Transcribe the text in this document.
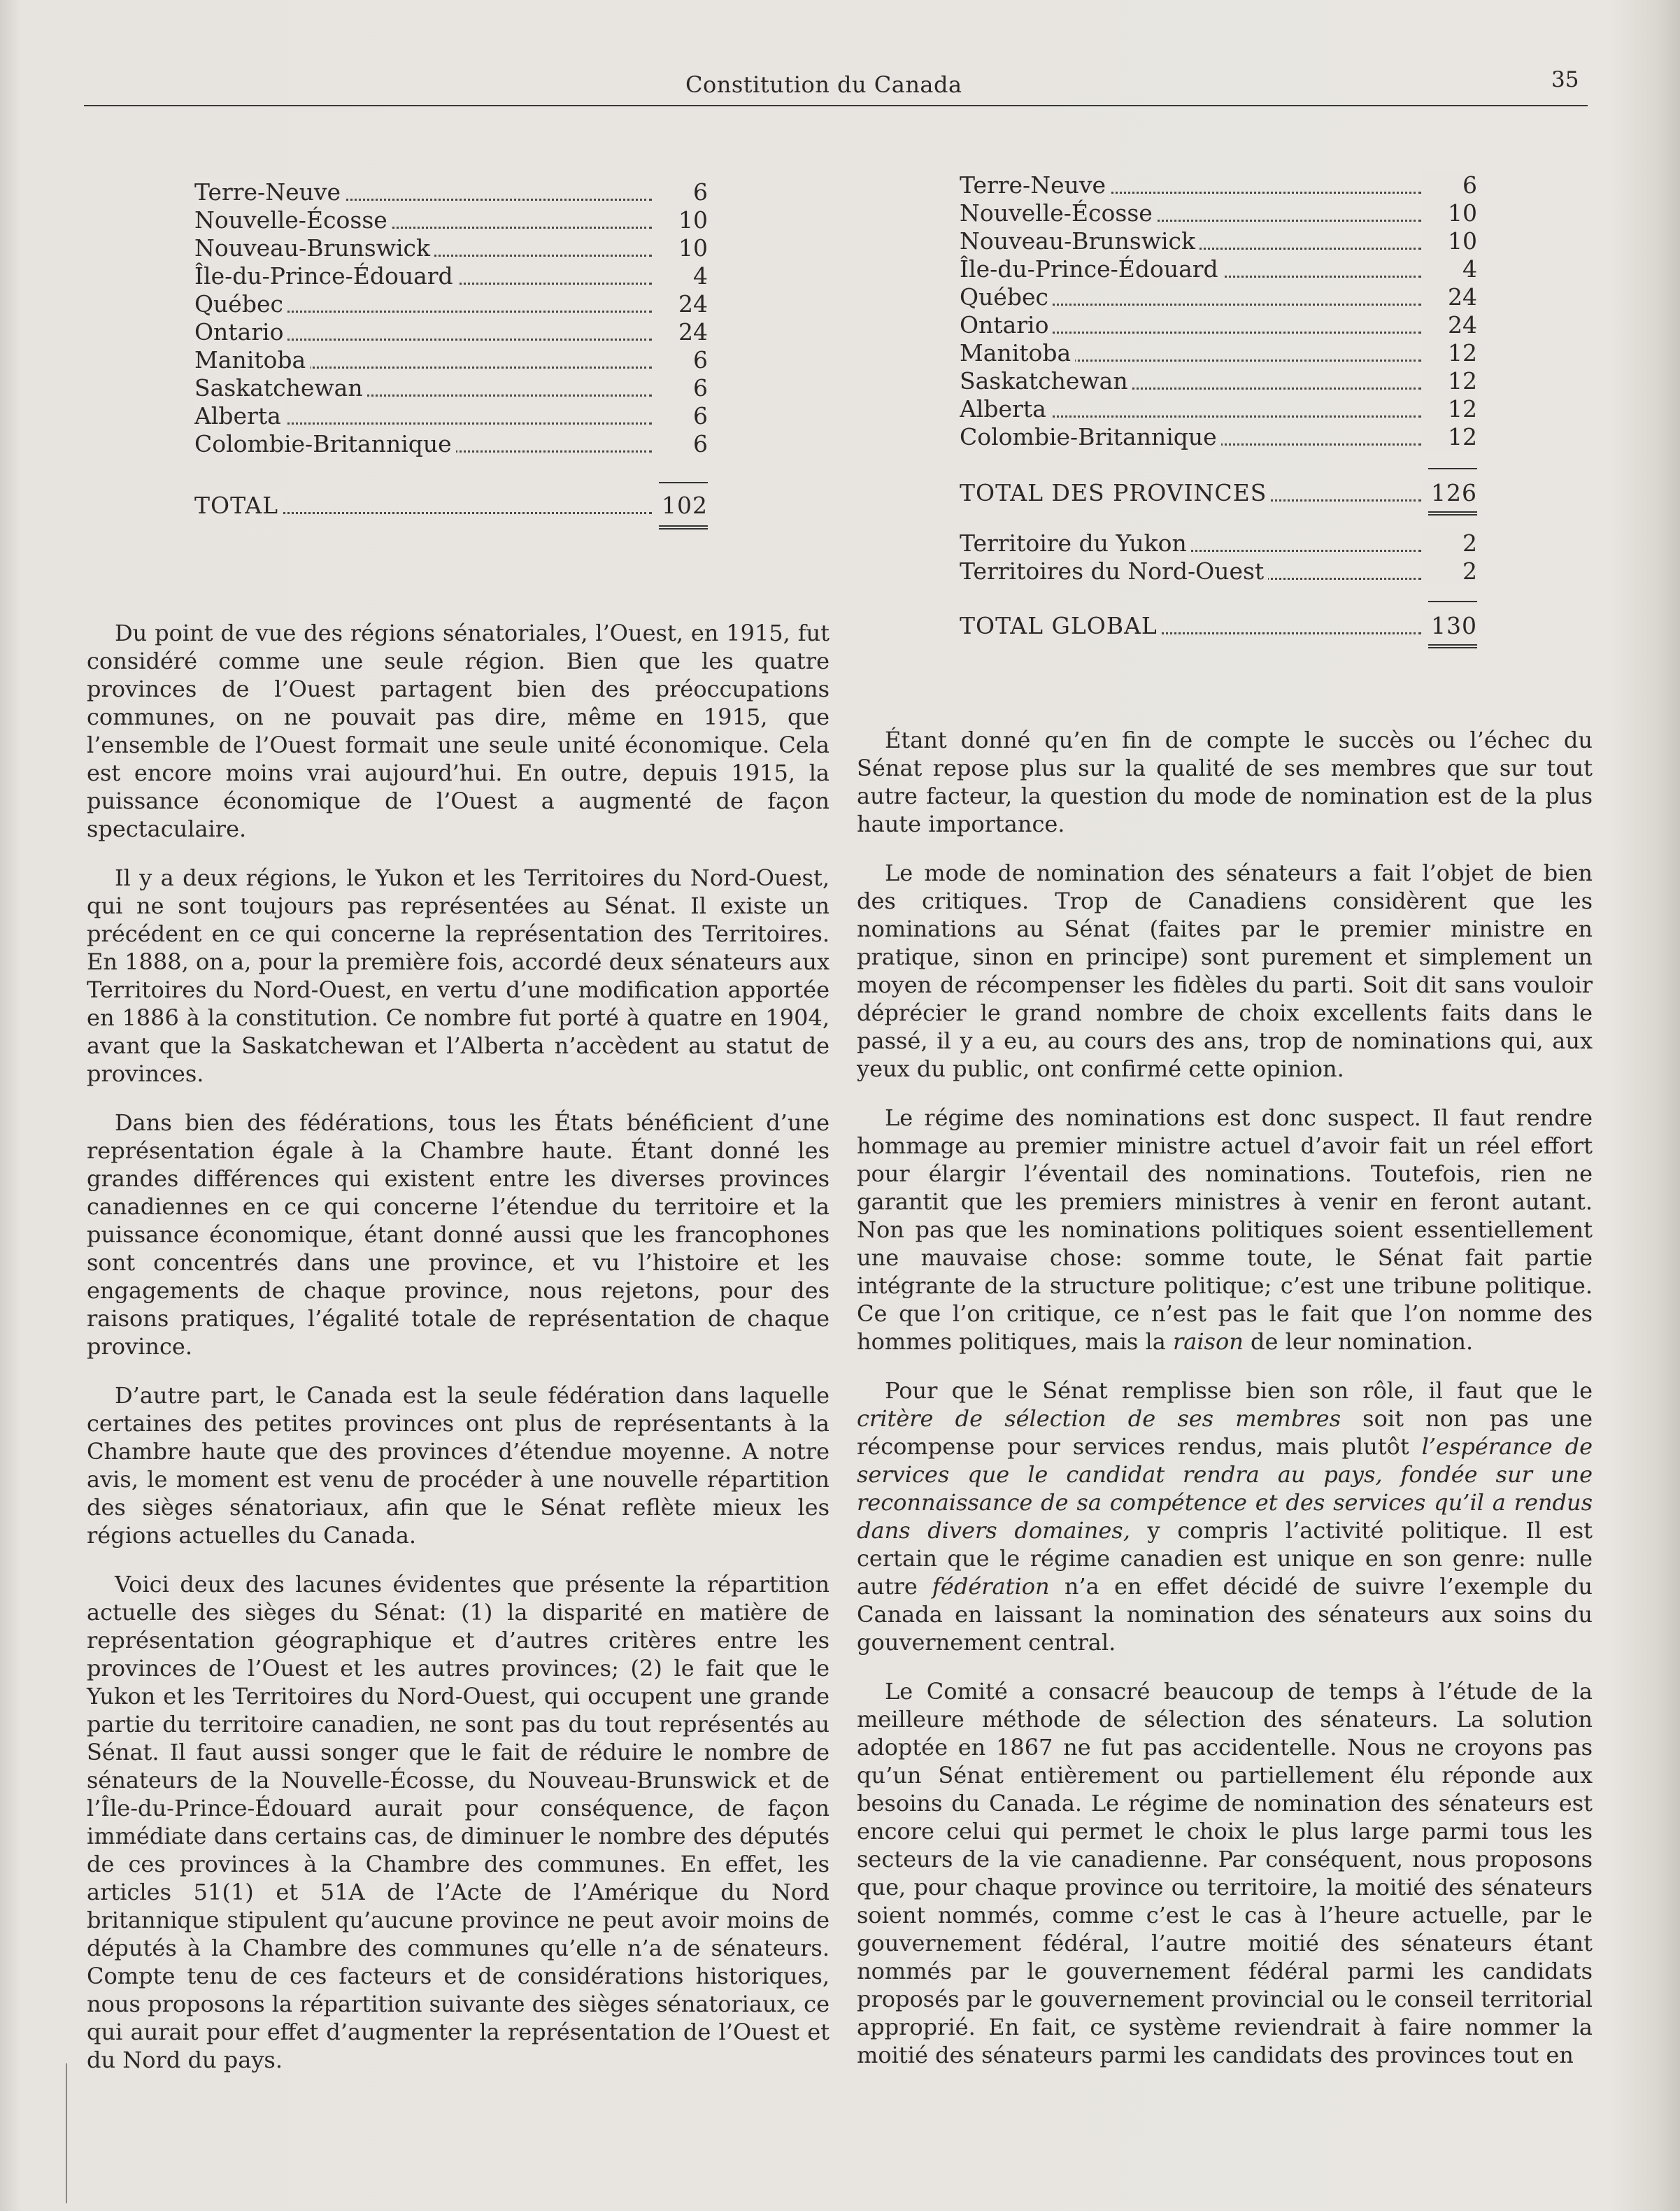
Constitution du Canada	35
Terre-Neuve	6
Nouvelle-Écosse	10
Nouveau-Brunswick	10
Île-du-Prince-Édouard	4
Québec	24
Ontario	24
Manitoba	6
Saskatchewan	6
Alberta	6
Colombie-Britannique	6
TOTAL	102
Terre-Neuve	6
Nouvelle-Écosse	10
Nouveau-Brunswick	10
Île-du-Prince-Édouard	4
Québec	24
Ontario	24
Manitoba	12
Saskatchewan	12
Alberta	12
Colombie-Britannique	12
TOTAL DES PROVINCES	126
Territoire du Yukon	2
Territoires du Nord-Ouest	2
TOTAL GLOBAL	130

Du point de vue des régions sénatoriales, l’Ouest, en 1915, fut considéré comme une seule région. Bien que les quatre provinces de l’Ouest partagent bien des préoccupations communes, on ne pouvait pas dire, même en 1915, que l’ensemble de l’Ouest formait une seule unité économique. Cela est encore moins vrai aujourd’hui. En outre, depuis 1915, la puissance économique de l’Ouest a augmenté de façon spectaculaire.

Il y a deux régions, le Yukon et les Territoires du Nord-Ouest, qui ne sont toujours pas représentées au Sénat. Il existe un précédent en ce qui concerne la représentation des Territoires. En 1888, on a, pour la première fois, accordé deux sénateurs aux Territoires du Nord-Ouest, en vertu d’une modification apportée en 1886 à la constitution. Ce nombre fut porté à quatre en 1904, avant que la Saskatchewan et l’Alberta n’accèdent au statut de provinces.

Dans bien des fédérations, tous les États bénéficient d’une représentation égale à la Chambre haute. Étant donné les grandes différences qui existent entre les diverses provinces canadiennes en ce qui concerne l’étendue du territoire et la puissance économique, étant donné aussi que les francophones sont concentrés dans une province, et vu l’histoire et les engagements de chaque province, nous rejetons, pour des raisons pratiques, l’égalité totale de représentation de chaque province.

D’autre part, le Canada est la seule fédération dans laquelle certaines des petites provinces ont plus de représentants à la Chambre haute que des provinces d’étendue moyenne. A notre avis, le moment est venu de procéder à une nouvelle répartition des sièges sénatoriaux, afin que le Sénat reflète mieux les régions actuelles du Canada.

Voici deux des lacunes évidentes que présente la répartition actuelle des sièges du Sénat: (1) la disparité en matière de représentation géographique et d’autres critères entre les provinces de l’Ouest et les autres provinces; (2) le fait que le Yukon et les Territoires du Nord-Ouest, qui occupent une grande partie du territoire canadien, ne sont pas du tout représentés au Sénat. Il faut aussi songer que le fait de réduire le nombre de sénateurs de la Nouvelle-Écosse, du Nouveau-Brunswick et de l’Île-du-Prince-Édouard aurait pour conséquence, de façon immédiate dans certains cas, de diminuer le nombre des députés de ces provinces à la Chambre des communes. En effet, les articles 51(1) et 51A de l’Acte de l’Amérique du Nord britannique stipulent qu’aucune province ne peut avoir moins de députés à la Chambre des communes qu’elle n’a de sénateurs. Compte tenu de ces facteurs et de considérations historiques, nous proposons la répartition suivante des sièges sénatoriaux, ce qui aurait pour effet d’augmenter la représentation de l’Ouest et du Nord du pays.

Étant donné qu’en fin de compte le succès ou l’échec du Sénat repose plus sur la qualité de ses membres que sur tout autre facteur, la question du mode de nomination est de la plus haute importance.

Le mode de nomination des sénateurs a fait l’objet de bien des critiques. Trop de Canadiens considèrent que les nominations au Sénat (faites par le premier ministre en pratique, sinon en principe) sont purement et simplement un moyen de récompenser les fidèles du parti. Soit dit sans vouloir déprécier le grand nombre de choix excellents faits dans le passé, il y a eu, au cours des ans, trop de nominations qui, aux yeux du public, ont confirmé cette opinion.

Le régime des nominations est donc suspect. Il faut rendre hommage au premier ministre actuel d’avoir fait un réel effort pour élargir l’éventail des nominations. Toutefois, rien ne garantit que les premiers ministres à venir en feront autant. Non pas que les nominations politiques soient essentiellement une mauvaise chose: somme toute, le Sénat fait partie intégrante de la structure politique; c’est une tribune politique. Ce que l’on critique, ce n’est pas le fait que l’on nomme des hommes politiques, mais la raison de leur nomination.

Pour que le Sénat remplisse bien son rôle, il faut que le critère de sélection de ses membres soit non pas une récompense pour services rendus, mais plutôt l’espérance de services que le candidat rendra au pays, fondée sur une reconnaissance de sa compétence et des services qu’il a rendus dans divers domaines, y compris l’activité politique. Il est certain que le régime canadien est unique en son genre: nulle autre fédération n’a en effet décidé de suivre l’exemple du Canada en laissant la nomination des sénateurs aux soins du gouvernement central.

Le Comité a consacré beaucoup de temps à l’étude de la meilleure méthode de sélection des sénateurs. La solution adoptée en 1867 ne fut pas accidentelle. Nous ne croyons pas qu’un Sénat entièrement ou partiellement élu réponde aux besoins du Canada. Le régime de nomination des sénateurs est encore celui qui permet le choix le plus large parmi tous les secteurs de la vie canadienne. Par conséquent, nous proposons que, pour chaque province ou territoire, la moitié des sénateurs soient nommés, comme c’est le cas à l’heure actuelle, par le gouvernement fédéral, l’autre moitié des sénateurs étant nommés par le gouvernement fédéral parmi les candidats proposés par le gouvernement provincial ou le conseil territorial approprié. En fait, ce système reviendrait à faire nommer la moitié des sénateurs parmi les candidats des provinces tout en
